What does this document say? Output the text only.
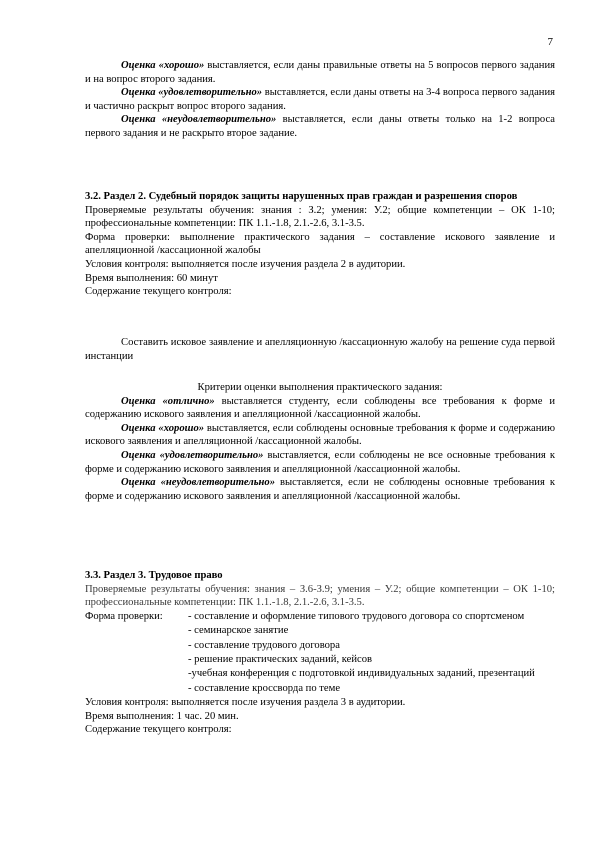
7

Оценка «хорошо» выставляется, если даны правильные ответы на 5 вопросов первого задания и на вопрос второго задания.

Оценка «удовлетворительно» выставляется, если даны ответы на 3-4 вопроса первого задания и частично раскрыт вопрос второго задания.

Оценка «неудовлетворительно» выставляется, если даны ответы только на 1-2 вопроса первого задания и не раскрыто второе задание.

3.2. Раздел 2. Судебный порядок защиты нарушенных прав граждан и разрешения споров

Проверяемые результаты обучения: знания : З.2; умения: У.2; общие компетенции – ОК 1-10; профессиональные компетенции: ПК 1.1.-1.8, 2.1.-2.6, 3.1-3.5.

Форма проверки: выполнение практического задания – составление искового заявление и апелляционной /кассационной жалобы

Условия контроля: выполняется после изучения раздела 2 в аудитории.

Время выполнения: 60 минут

Содержание текущего контроля:

Составить исковое заявление и апелляционную /кассационную жалобу на решение суда первой инстанции

Критерии оценки выполнения практического задания:

Оценка «отлично» выставляется студенту, если соблюдены все требования к форме и содержанию искового заявления и апелляционной /кассационной жалобы.

Оценка «хорошо» выставляется, если соблюдены основные требования к форме и содержанию искового заявления и апелляционной /кассационной жалобы.

Оценка «удовлетворительно» выставляется, если соблюдены не все основные требования к форме и содержанию искового заявления и апелляционной /кассационной жалобы.

Оценка «неудовлетворительно» выставляется, если не соблюдены основные требования к форме и содержанию искового заявления и апелляционной /кассационной жалобы.

3.3. Раздел 3. Трудовое право

Проверяемые результаты обучения: знания – З.6-З.9; умения – У.2; общие компетенции – ОК 1-10; профессиональные компетенции: ПК 1.1.-1.8, 2.1.-2.6, 3.1-3.5.

Форма проверки:	- составление и оформление типового трудового договора со спортсменом
- семинарское занятие
- составление трудового договора
- решение практических заданий, кейсов
-учебная конференция с подготовкой индивидуальных заданий, презентаций
- составление кроссворда по теме

Условия контроля: выполняется после изучения раздела 3 в аудитории.

Время выполнения: 1 час. 20 мин.

Содержание текущего контроля:
